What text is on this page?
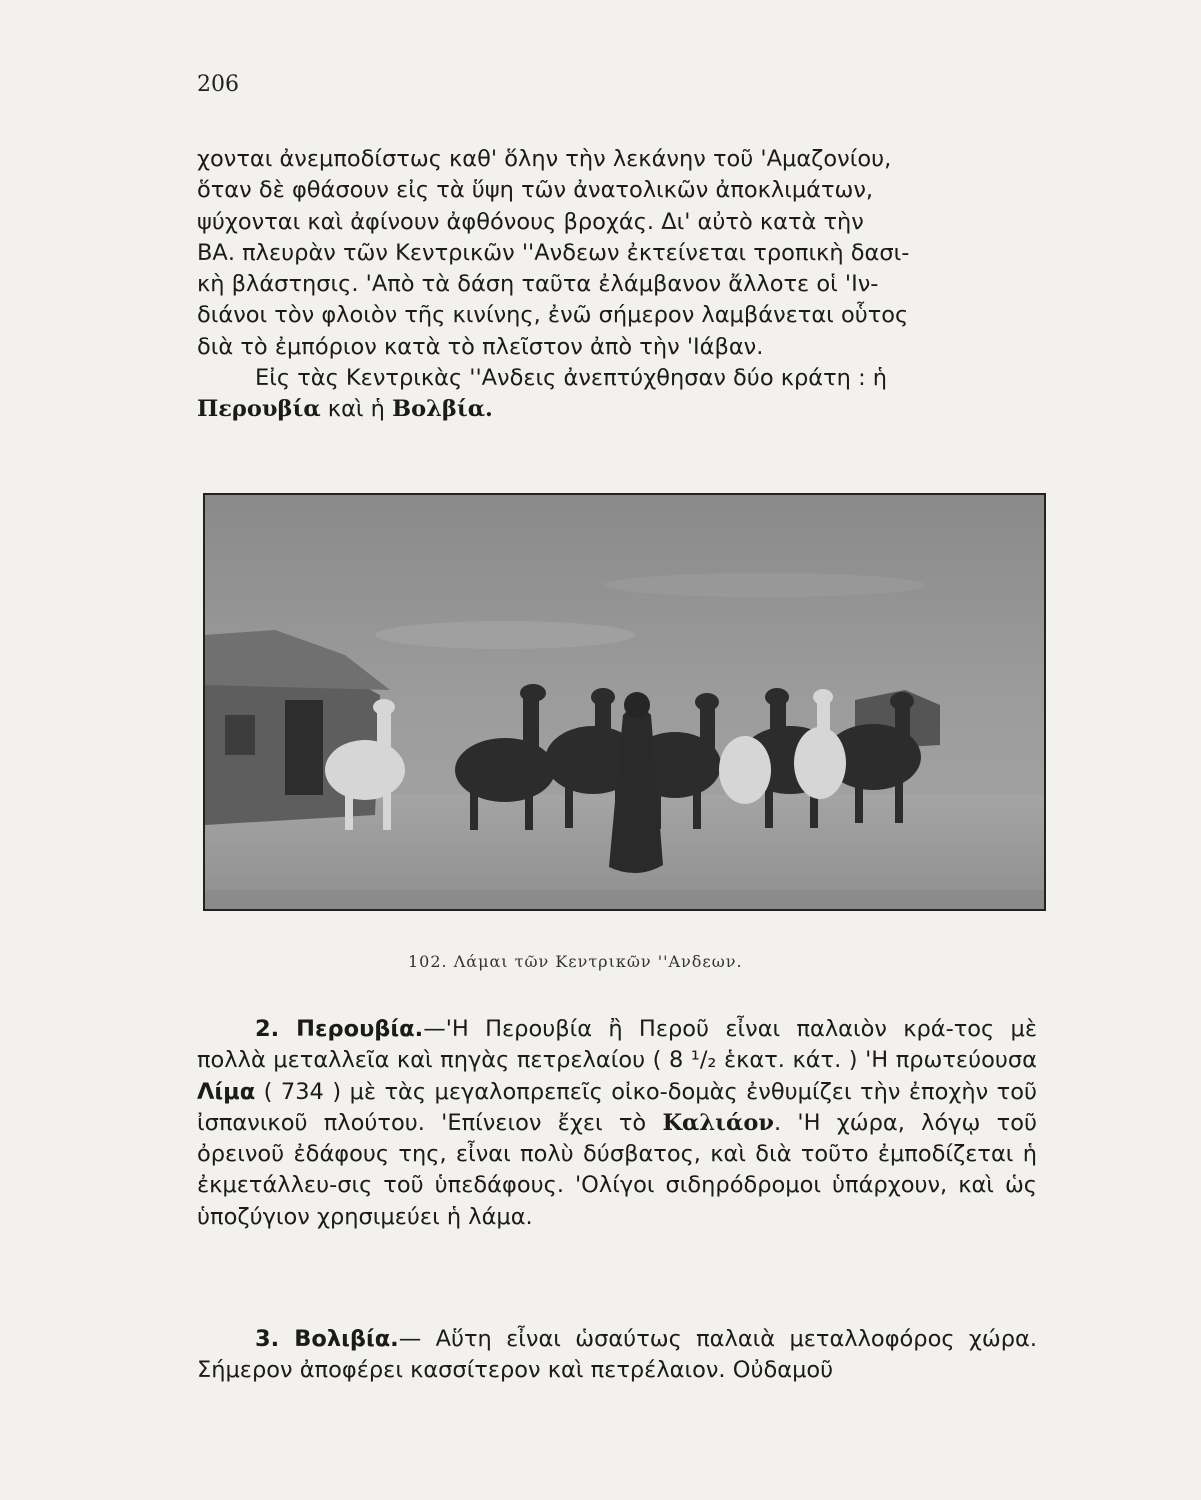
206

χονται ἀνεμποδίστως καθ' ὅλην τὴν λεκάνην τοῦ 'Αμαζονίου,

ὅταν δὲ φθάσουν εἰς τὰ ὕψη τῶν ἀνατολικῶν ἀποκλιμάτων,

ψύχονται καὶ ἀφίνουν ἀφθόνους βροχάς. Δι' αὐτὸ κατὰ τὴν

ΒΑ. πλευρὰν τῶν Κεντρικῶν ''Ανδεων ἐκτείνεται τροπικὴ δασι-

κὴ βλάστησις. 'Απὸ τὰ δάση ταῦτα ἐλάμβανον ἄλλοτε οἱ 'Ιν-

διάνοι τὸν φλοιὸν τῆς κινίνης, ἐνῶ σήμερον λαμβάνεται οὗτος

διὰ τὸ ἐμπόριον κατὰ τὸ πλεῖστον ἀπὸ τὴν 'Ιάβαν.

Εἰς τὰς Κεντρικὰς ''Ανδεις ἀνεπτύχθησαν δύο κράτη : ἡ

Περουβία καὶ ἡ Βολβία.

102. Λάμαι τῶν Κεντρικῶν ''Ανδεων.

2. Περουβία.—'Η Περουβία ἢ Περοῦ εἶναι παλαιὸν κρά-τος μὲ πολλὰ μεταλλεῖα καὶ πηγὰς πετρελαίου ( 8 ¹/₂ ἑκατ. κάτ. ) 'Η πρωτεύουσα Λίμα ( 734 ) μὲ τὰς μεγαλοπρεπεῖς οἰκο-δομὰς ἐνθυμίζει τὴν ἐποχὴν τοῦ ἰσπανικοῦ πλούτου. 'Επίνειον ἔχει τὸ Καλιάον. 'Η χώρα, λόγῳ τοῦ ὀρεινοῦ ἐδάφους της, εἶναι πολὺ δύσβατος, καὶ διὰ τοῦτο ἐμποδίζεται ἡ ἐκμετάλλευ-σις τοῦ ὑπεδάφους. 'Ολίγοι σιδηρόδρομοι ὑπάρχουν, καὶ ὡς ὑποζύγιον χρησιμεύει ἡ λάμα.

3. Βολιβία.— Αὕτη εἶναι ὡσαύτως παλαιὰ μεταλλοφόρος χώρα. Σήμερον ἀποφέρει κασσίτερον καὶ πετρέλαιον. Οὐδαμοῦ
